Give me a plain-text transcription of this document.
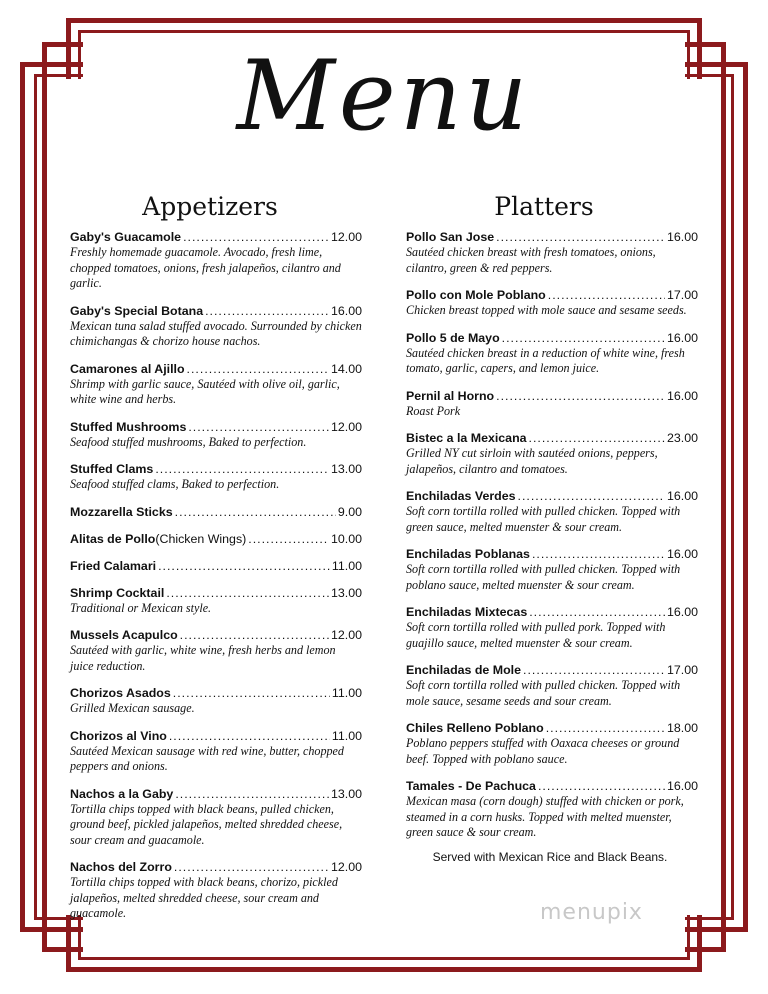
Menu
Appetizers	Platters
Gaby's Guacamole .....	12.00
Freshly homemade guacamole. Avocado, fresh lime, chopped tomatoes, onions, fresh jalapeños, cilantro and garlic.
Gaby's Special Botana .....	16.00
Mexican tuna salad stuffed avocado. Surrounded by chicken chimichangas & chorizo house nachos.
Camarones al Ajillo .....	14.00
Shrimp with garlic sauce, Sautéed with olive oil, garlic, white wine and herbs.
Stuffed Mushrooms .....	12.00
Seafood stuffed mushrooms, Baked to perfection.
Stuffed Clams .....	13.00
Seafood stuffed clams, Baked to perfection.
Mozzarella Sticks .....	9.00
Alitas de Pollo (Chicken Wings) .....	10.00
Fried Calamari .....	11.00
Shrimp Cocktail .....	13.00
Traditional or Mexican style.
Mussels Acapulco .....	12.00
Sautéed with garlic, white wine, fresh herbs and lemon juice reduction.
Chorizos Asados .....	11.00
Grilled Mexican sausage.
Chorizos al Vino .....	11.00
Sautéed Mexican sausage with red wine, butter, chopped peppers and onions.
Nachos a la Gaby .....	13.00
Tortilla chips topped with black beans, pulled chicken, ground beef, pickled jalapeños, melted shredded cheese, sour cream and guacamole.
Nachos del Zorro .....	12.00
Tortilla chips topped with black beans, chorizo, pickled jalapeños, melted shredded cheese, sour cream and guacamole.
Pollo San Jose .....	16.00
Sautéed chicken breast with fresh tomatoes, onions, cilantro, green & red peppers.
Pollo con Mole Poblano .....	17.00
Chicken breast topped with mole sauce and sesame seeds.
Pollo 5 de Mayo .....	16.00
Sautéed chicken breast in a reduction of white wine, fresh tomato, garlic, capers, and lemon juice.
Pernil al Horno .....	16.00
Roast Pork
Bistec a la Mexicana .....	23.00
Grilled NY cut sirloin with sautéed onions, peppers, jalapeños, cilantro and tomatoes.
Enchiladas Verdes .....	16.00
Soft corn tortilla rolled with pulled chicken. Topped with green sauce, melted muenster & sour cream.
Enchiladas Poblanas .....	16.00
Soft corn tortilla rolled with pulled chicken. Topped with poblano sauce, melted muenster & sour cream.
Enchiladas Mixtecas .....	16.00
Soft corn tortilla rolled with pulled pork. Topped with guajillo sauce, melted muenster & sour cream.
Enchiladas de Mole .....	17.00
Soft corn tortilla rolled with pulled chicken. Topped with mole sauce, sesame seeds and sour cream.
Chiles Relleno Poblano .....	18.00
Poblano peppers stuffed with Oaxaca cheeses or ground beef. Topped with poblano sauce.
Tamales - De Pachuca .....	16.00
Mexican masa (corn dough) stuffed with chicken or pork, steamed in a corn husks. Topped with melted muenster, green sauce & sour cream.
Served with Mexican Rice and Black Beans.
menupix
